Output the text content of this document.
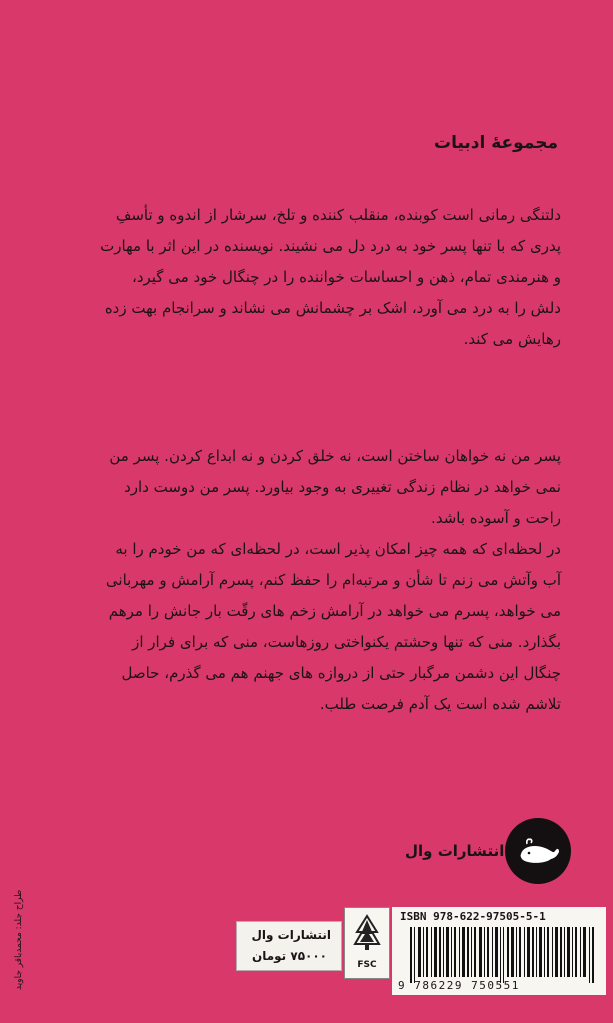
مجموعهٔ ادبیات
دلتنگی رمانی است کوبنده، منقلب کننده و تلخ، سرشار از اندوه و تأسفِ
پدری که با تنها پسر خود به درد دل می نشیند. نویسنده در این اثر با مهارت
و هنرمندی تمام، ذهن و احساسات خواننده را در چنگال خود می گیرد،
دلش را به درد می آورد، اشک بر چشمانش می نشاند و سرانجام بهت زده
رهایش می کند.
پسر من نه خواهان ساختن است، نه خلق کردن و نه ابداع کردن. پسر من
نمی خواهد در نظام زندگی تغییری به وجود بیاورد. پسر من دوست دارد
راحت و آسوده باشد.
در لحظه‌ای که همه چیز امکان پذیر است، در لحظه‌ای که من خودم را به
آب وآتش می زنم تا شأن و مرتبه‌ام را حفظ کنم، پسرم آرامش و مهربانی
می خواهد، پسرم می خواهد در آرامش زخم های رقّت بار جانش را مرهم
بگذارد. منی که تنها وحشتم یکنواختی روزهاست، منی که برای فرار از
چنگال این دشمن مرگبار حتی از دروازه های جهنم هم می گذرم، حاصل
تلاشم شده است یک آدم فرصت طلب.
انتشارات وال
طراح جلد: محمدباقر جاوید	انتشارات وال
۷۵۰۰۰ تومان
FSC
ISBN 978-622-97505-5-1
9 786229 750551
